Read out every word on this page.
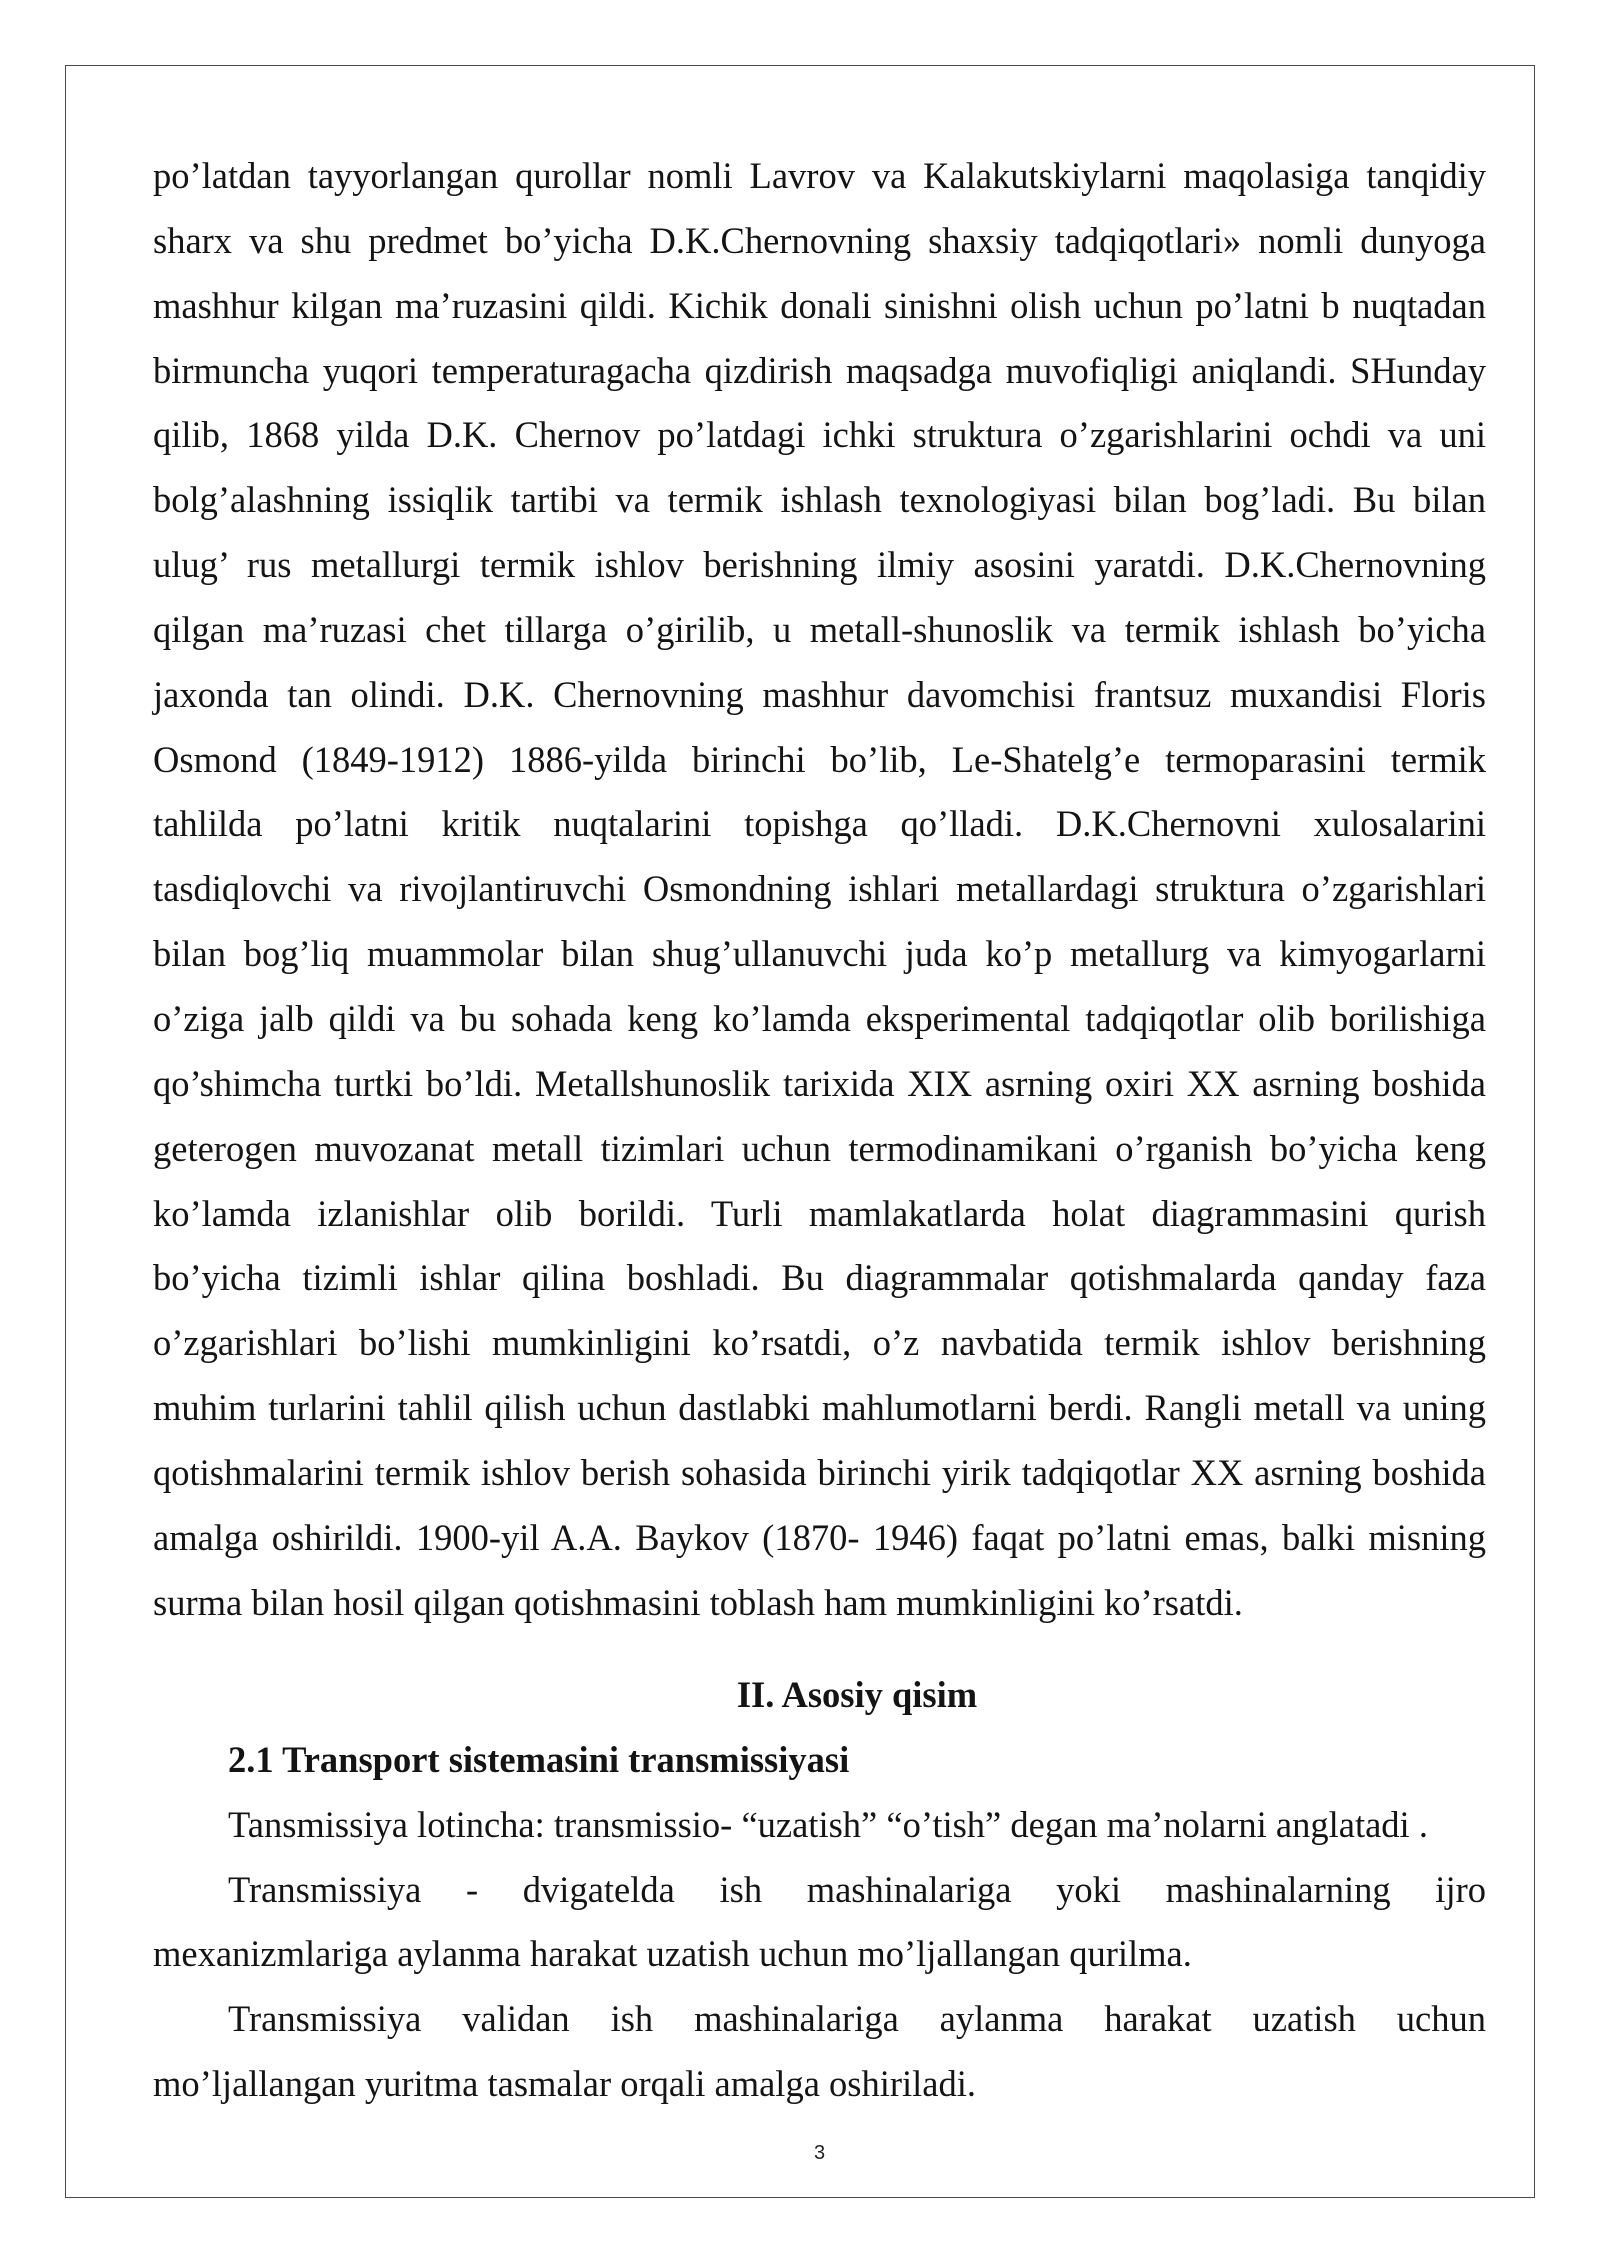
po’latdan tayyorlangan qurollar nomli Lavrov va Kalakutskiylarni maqolasiga tanqidiy
sharx va shu predmet bo’yicha D.K.Chernovning shaxsiy tadqiqotlari» nomli dunyoga
mashhur kilgan ma’ruzasini qildi. Kichik donali sinishni olish uchun po’latni b nuqtadan
birmuncha yuqori temperaturagacha qizdirish maqsadga muvofiqligi aniqlandi. SHunday
qilib, 1868 yilda D.K. Chernov po’latdagi ichki struktura o’zgarishlarini ochdi va uni
bolg’alashning issiqlik tartibi va termik ishlash texnologiyasi bilan bog’ladi. Bu bilan
ulug’ rus metallurgi termik ishlov berishning ilmiy asosini yaratdi. D.K.Chernovning
qilgan ma’ruzasi chet tillarga o’girilib, u metall-shunoslik va termik ishlash bo’yicha
jaxonda tan olindi. D.K. Chernovning mashhur davomchisi frantsuz muxandisi Floris
Osmond (1849-1912) 1886-yilda birinchi bo’lib, Le-Shatelg’e termoparasini termik
tahlilda po’latni kritik nuqtalarini topishga qo’lladi. D.K.Chernovni xulosalarini
tasdiqlovchi va rivojlantiruvchi Osmondning ishlari metallardagi struktura o’zgarishlari
bilan bog’liq muammolar bilan shug’ullanuvchi juda ko’p metallurg va kimyogarlarni
o’ziga jalb qildi va bu sohada keng ko’lamda eksperimental tadqiqotlar olib borilishiga
qo’shimcha turtki bo’ldi. Metallshunoslik tarixida XIX asrning oxiri XX asrning boshida
geterogen muvozanat metall tizimlari uchun termodinamikani o’rganish bo’yicha keng
ko’lamda izlanishlar olib borildi. Turli mamlakatlarda holat diagrammasini qurish
bo’yicha tizimli ishlar qilina boshladi. Bu diagrammalar qotishmalarda qanday faza
o’zgarishlari bo’lishi mumkinligini ko’rsatdi, o’z navbatida termik ishlov berishning
muhim turlarini tahlil qilish uchun dastlabki mahlumotlarni berdi. Rangli metall va uning
qotishmalarini termik ishlov berish sohasida birinchi yirik tadqiqotlar XX asrning boshida
amalga oshirildi. 1900-yil A.A. Baykov (1870- 1946) faqat po’latni emas, balki misning
surma bilan hosil qilgan qotishmasini toblash ham mumkinligini ko’rsatdi.
II. Asosiy qisim
2.1 Transport sistemasini transmissiyasi
Tansmissiya lotincha: transmissio- “uzatish” “o’tish” degan ma’nolarni anglatadi .
Transmissiya - dvigatelda ish mashinalariga yoki mashinalarning ijro
mexanizmlariga aylanma harakat uzatish uchun mo’ljallangan qurilma.
Transmissiya validan ish mashinalariga aylanma harakat uzatish uchun
mo’ljallangan yuritma tasmalar orqali amalga oshiriladi.
3
